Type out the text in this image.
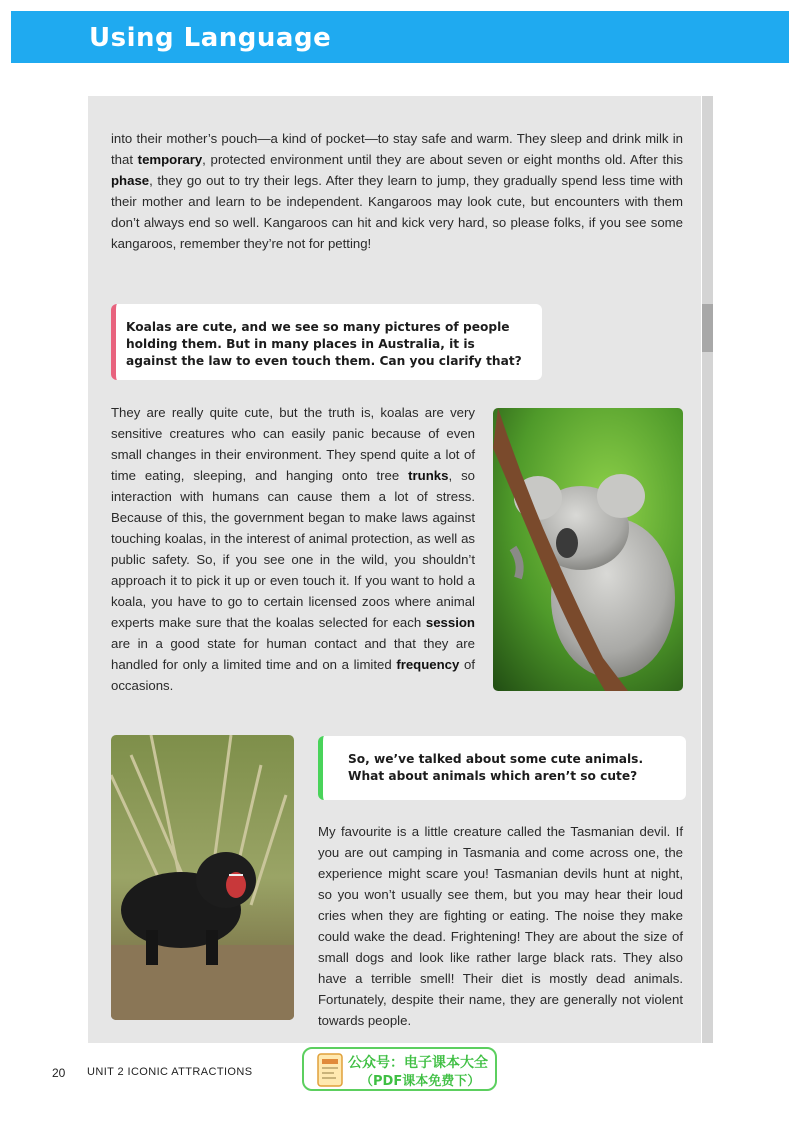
Using Language

into their mother’s pouch—a kind of pocket—to stay safe and warm. They sleep and drink milk in that temporary, protected environment until they are about seven or eight months old. After this phase, they go out to try their legs. After they learn to jump, they gradually spend less time with their mother and learn to be independent. Kangaroos may look cute, but encounters with them don’t always end so well. Kangaroos can hit and kick very hard, so please folks, if you see some kangaroos, remember they’re not for petting!

Koalas are cute, and we see so many pictures of people holding them. But in many places in Australia, it is against the law to even touch them. Can you clarify that?

They are really quite cute, but the truth is, koalas are very sensitive creatures who can easily panic because of even small changes in their environment. They spend quite a lot of time eating, sleeping, and hanging onto tree trunks, so interaction with humans can cause them a lot of stress. Because of this, the government began to make laws against touching koalas, in the interest of animal protection, as well as public safety. So, if you see one in the wild, you shouldn’t approach it to pick it up or even touch it. If you want to hold a koala, you have to go to certain licensed zoos where animal experts make sure that the koalas selected for each session are in a good state for human contact and that they are handled for only a limited time and on a limited frequency of occasions.

So, we’ve talked about some cute animals. What about animals which aren’t so cute?

My favourite is a little creature called the Tasmanian devil. If you are out camping in Tasmania and come across one, the experience might scare you! Tasmanian devils hunt at night, so you won’t usually see them, but you may hear their loud cries when they are fighting or eating. The noise they make could wake the dead. Frightening! They are about the size of small dogs and look like rather large black rats. They also have a terrible smell! Their diet is mostly dead animals. Fortunately, despite their name, they are generally not violent towards people.

20 UNIT 2 ICONIC ATTRACTIONS
公众号：电子课本大全
（PDF课本免费下）
